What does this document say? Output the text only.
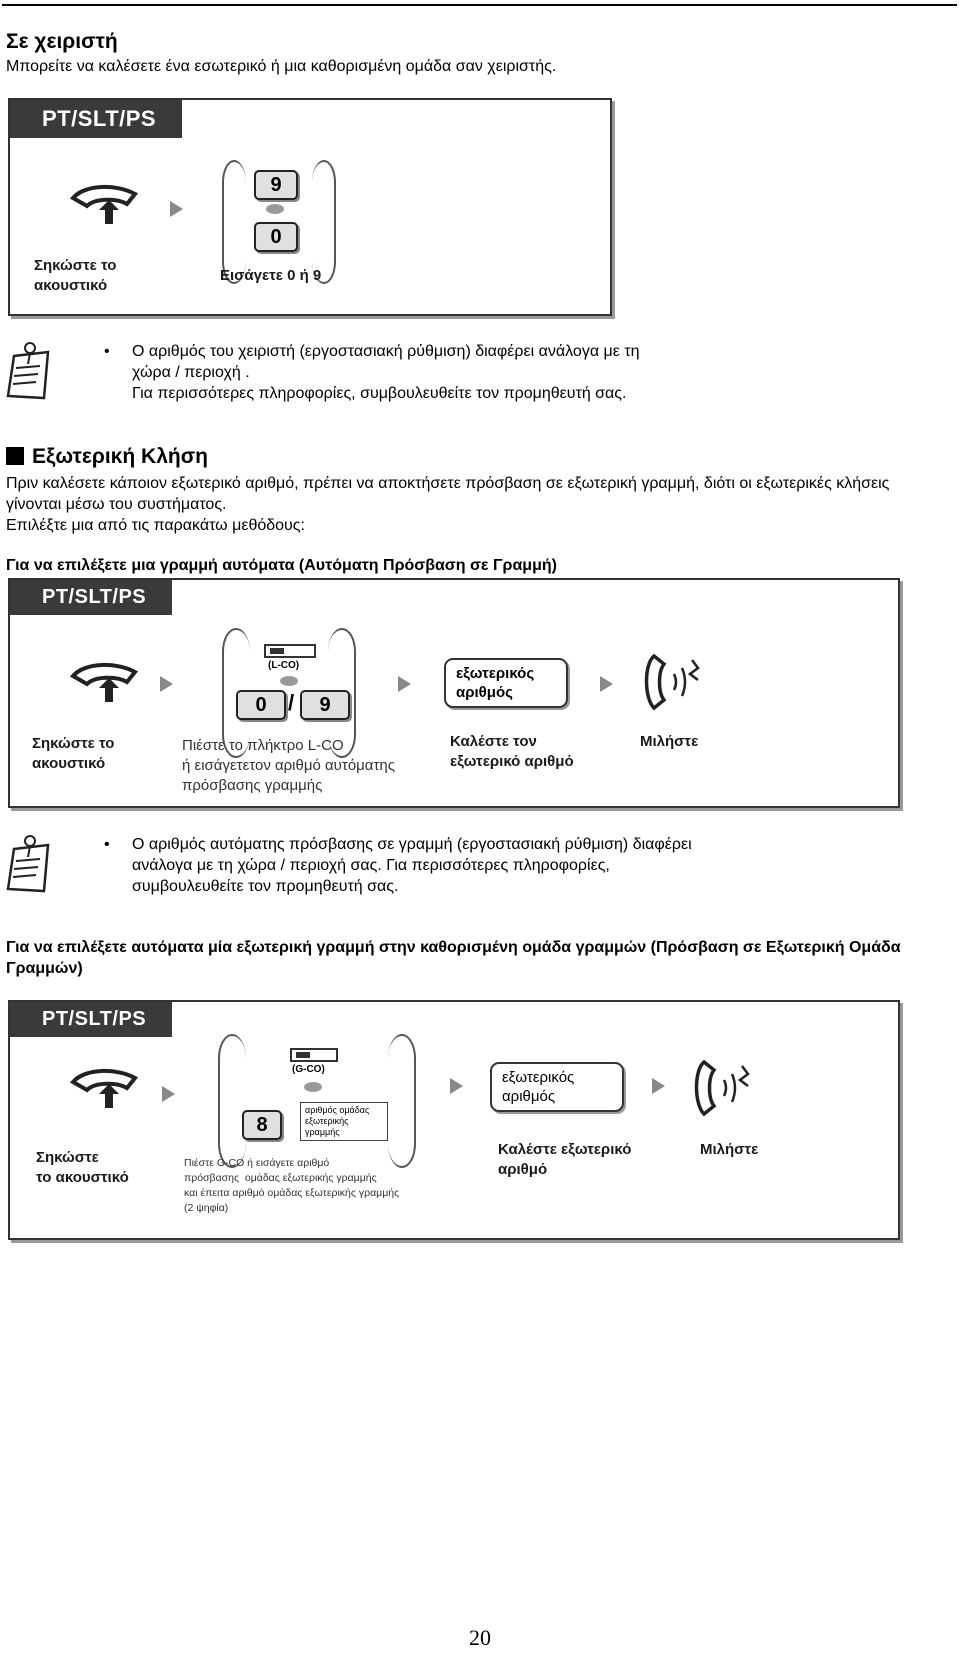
Σε χειριστή
Μπορείτε να καλέσετε ένα εσωτερικό ή μια καθορισμένη ομάδα σαν χειριστής.
PT/SLT/PS
Σηκώστε το
ακουστικό
9
0
Εισάγετε 0 ή 9
• Ο αριθμός του χειριστή (εργοστασιακή ρύθμιση) διαφέρει ανάλογα με τη χώρα / περιοχή .
Για περισσότερες πληροφορίες, συμβουλευθείτε τον προμηθευτή σας.
Εξωτερική Κλήση
Πριν καλέσετε κάποιον εξωτερικό αριθμό, πρέπει να αποκτήσετε πρόσβαση σε εξωτερική γραμμή, διότι οι εξωτερικές κλήσεις γίνονται μέσω του συστήματος.
Επιλέξτε μια από τις παρακάτω μεθόδους:
Για να επιλέξετε μια γραμμή αυτόματα (Αυτόματη Πρόσβαση σε Γραμμή)
PT/SLT/PS
Σηκώστε το
ακουστικό
(L-CO)
0 /	9
Πιέστε το πλήκτρο L-CO
ή εισάγετετον αριθμό αυτόματης
πρόσβασης γραμμής
εξωτερικός
αριθμός
Καλέστε τον
εξωτερικό αριθμό
Μιλήστε
• Ο αριθμός αυτόματης πρόσβασης σε γραμμή (εργοστασιακή ρύθμιση) διαφέρει ανάλογα με τη χώρα / περιοχή σας. Για περισσότερες πληροφορίες, συμβουλευθείτε τον προμηθευτή σας.
Για να επιλέξετε αυτόματα μία εξωτερική γραμμή στην καθορισμένη ομάδα γραμμών (Πρόσβαση σε Εξωτερική Ομάδα Γραμμών)
PT/SLT/PS
Σηκώστε
το ακουστικό
(G-CO)
8
αριθμός ομάδας
εξωτερικής
γραμμής
Πιέστε G-CO ή εισάγετε αριθμό
πρόσβασης  ομάδας εξωτερικής γραμμής
και έπειτα αριθμό ομάδας εξωτερικής γραμμής
(2 ψηφία)
εξωτερικός
αριθμός
Καλέστε εξωτερικό
αριθμό
Μιλήστε
20
